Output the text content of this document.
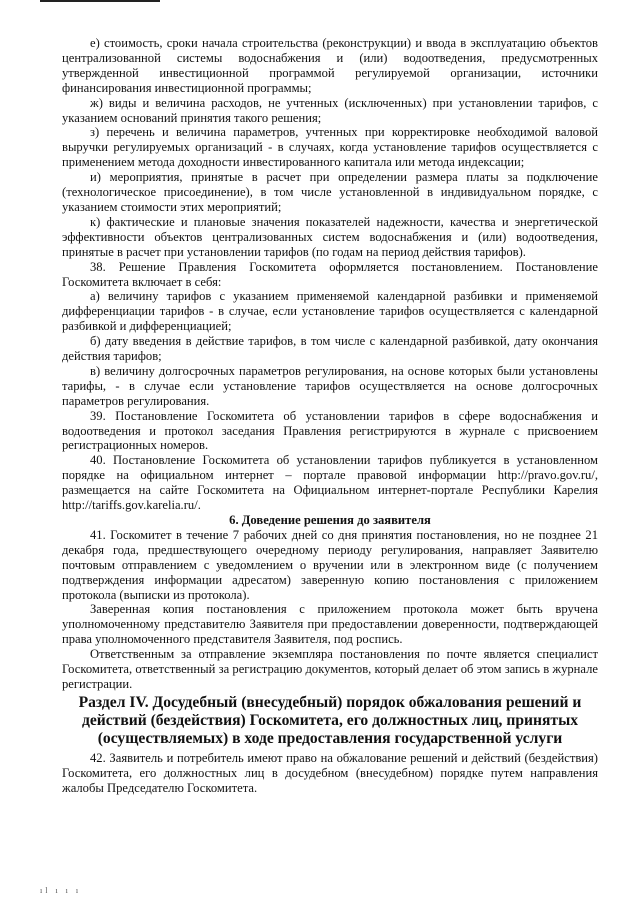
е) стоимость, сроки начала строительства (реконструкции) и ввода в эксплуатацию объектов централизованной системы водоснабжения и (или) водоотведения, предусмотренных утвержденной инвестиционной программой регулируемой организации, источники финансирования инвестиционной программы;

ж) виды и величина расходов, не учтенных (исключенных) при установлении тарифов, с указанием оснований принятия такого решения;

з) перечень и величина параметров, учтенных при корректировке необходимой валовой выручки регулируемых организаций - в случаях, когда установление тарифов осуществляется с применением метода доходности инвестированного капитала или метода индексации;

и) мероприятия, принятые в расчет при определении размера платы за подключение (технологическое присоединение), в том числе установленной в индивидуальном порядке, с указанием стоимости этих мероприятий;

к) фактические и плановые значения показателей надежности, качества и энергетической эффективности объектов централизованных систем водоснабжения и (или) водоотведения, принятые в расчет при установлении тарифов (по годам на период действия тарифов).

38. Решение Правления Госкомитета оформляется постановлением. Постановление Госкомитета включает в себя:

а) величину тарифов с указанием применяемой календарной разбивки и применяемой дифференциации тарифов - в случае, если установление тарифов осуществляется с календарной разбивкой и дифференциацией;

б) дату введения в действие тарифов, в том числе с календарной разбивкой, дату окончания действия тарифов;

в) величину долгосрочных параметров регулирования, на основе которых были установлены тарифы, - в случае если установление тарифов осуществляется на основе долгосрочных параметров регулирования.

39. Постановление Госкомитета об установлении тарифов в сфере водоснабжения и водоотведения и протокол заседания Правления регистрируются в журнале с присвоением регистрационных номеров.

40. Постановление Госкомитета об установлении тарифов публикуется в установленном порядке на официальном интернет – портале правовой информации http://pravo.gov.ru/, размещается на сайте Госкомитета на Официальном интернет-портале Республики Карелия http://tariffs.gov.karelia.ru/.

6. Доведение решения до заявителя

41. Госкомитет в течение 7 рабочих дней со дня принятия постановления, но не позднее 21 декабря года, предшествующего очередному периоду регулирования, направляет Заявителю почтовым отправлением с уведомлением о вручении или в электронном виде (с получением подтверждения информации адресатом) заверенную копию постановления с приложением протокола (выписки из протокола).

Заверенная копия постановления с приложением протокола может быть вручена уполномоченному представителю Заявителя при предоставлении доверенности, подтверждающей права уполномоченного представителя Заявителя, под роспись.

Ответственным за отправление экземпляра постановления по почте является специалист Госкомитета, ответственный за регистрацию документов, который делает об этом запись в журнале регистрации.

Раздел IV. Досудебный (внесудебный) порядок обжалования решений и действий (бездействия) Госкомитета, его должностных лиц, принятых (осуществляемых) в ходе предоставления государственной услуги

42. Заявитель и потребитель имеют право на обжалование решений и действий (бездействия) Госкомитета, его должностных лиц в досудебном (внесудебном) порядке путем направления жалобы Председателю Госкомитета.

ıl ı ı ı
